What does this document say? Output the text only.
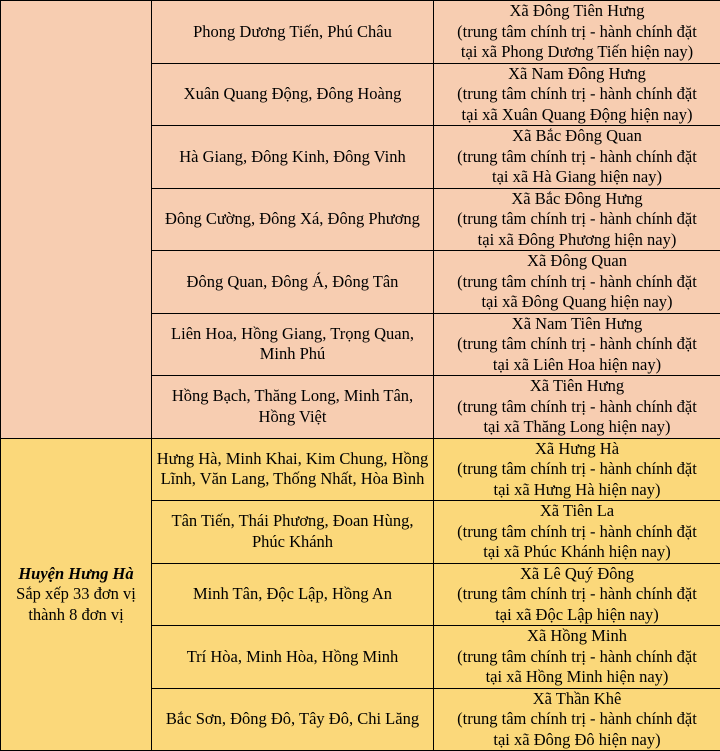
	Phong Dương Tiến, Phú Châu	Xã Đông Tiên Hưng
(trung tâm chính trị - hành chính đặt
tại xã Phong Dương Tiến hiện nay)

	Xuân Quang Động, Đông Hoàng	Xã Nam Đông Hưng
(trung tâm chính trị - hành chính đặt
tại xã Xuân Quang Động hiện nay)

	Hà Giang, Đông Kinh, Đông Vinh	Xã Bắc Đông Quan
(trung tâm chính trị - hành chính đặt
tại xã Hà Giang hiện nay)

	Đông Cường, Đông Xá, Đông Phương	Xã Bắc Đông Hưng
(trung tâm chính trị - hành chính đặt
tại xã Đông Phương hiện nay)

	Đông Quan, Đông Á, Đông Tân	Xã Đông Quan
(trung tâm chính trị - hành chính đặt
tại xã Đông Quang hiện nay)

	Liên Hoa, Hồng Giang, Trọng Quan, Minh Phú	Xã Nam Tiên Hưng
(trung tâm chính trị - hành chính đặt
tại xã Liên Hoa hiện nay)

	Hồng Bạch, Thăng Long, Minh Tân, Hồng Việt	Xã Tiên Hưng
(trung tâm chính trị - hành chính đặt
tại xã Thăng Long hiện nay)

Huyện Hưng Hà
Sắp xếp 33 đơn vị thành 8 đơn vị	Hưng Hà, Minh Khai, Kim Chung, Hồng Lĩnh, Văn Lang, Thống Nhất, Hòa Bình	Xã Hưng Hà
(trung tâm chính trị - hành chính đặt
tại xã Hưng Hà hiện nay)

	Tân Tiến, Thái Phương, Đoan Hùng, Phúc Khánh	Xã Tiên La
(trung tâm chính trị - hành chính đặt
tại xã Phúc Khánh hiện nay)

	Minh Tân, Độc Lập, Hồng An	Xã Lê Quý Đông
(trung tâm chính trị - hành chính đặt
tại xã Độc Lập hiện nay)

	Trí Hòa, Minh Hòa, Hồng Minh	Xã Hồng Minh
(trung tâm chính trị - hành chính đặt
tại xã Hồng Minh hiện nay)

	Bắc Sơn, Đông Đô, Tây Đô, Chi Lăng	Xã Thần Khê
(trung tâm chính trị - hành chính đặt
tại xã Đông Đô hiện nay)
